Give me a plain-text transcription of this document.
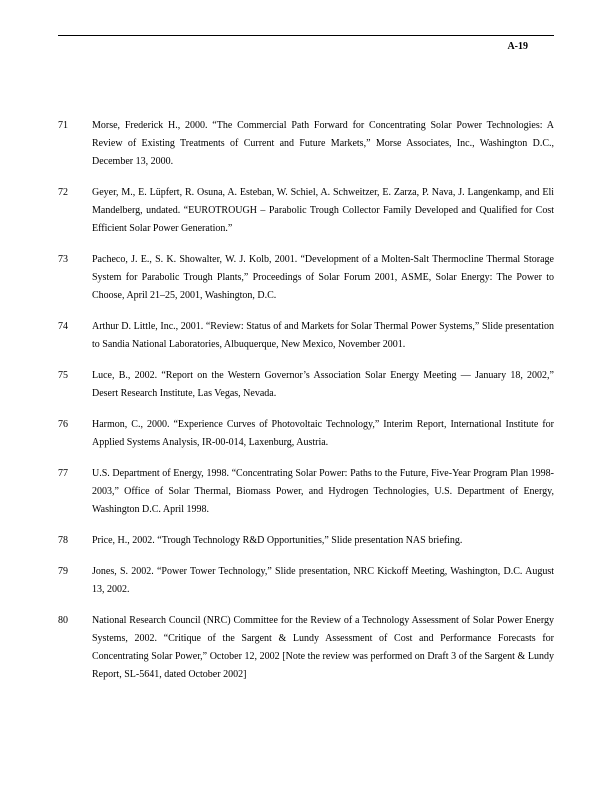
A-19
71	Morse, Frederick H., 2000. “The Commercial Path Forward for Concentrating Solar Power Technologies: A Review of Existing Treatments of Current and Future Markets,” Morse Associates, Inc., Washington D.C., December 13, 2000.
72	Geyer, M., E. Lüpfert, R. Osuna, A. Esteban, W. Schiel, A. Schweitzer, E. Zarza, P. Nava, J. Langenkamp, and Eli Mandelberg, undated. “EUROTROUGH – Parabolic Trough Collector Family Developed and Qualified for Cost Efficient Solar Power Generation.”
73	Pacheco, J. E., S. K. Showalter, W. J. Kolb, 2001. “Development of a Molten-Salt Thermocline Thermal Storage System for Parabolic Trough Plants,” Proceedings of Solar Forum 2001, ASME, Solar Energy: The Power to Choose, April 21–25, 2001, Washington, D.C.
74	Arthur D. Little, Inc., 2001. “Review: Status of and Markets for Solar Thermal Power Systems,” Slide presentation to Sandia National Laboratories, Albuquerque, New Mexico, November 2001.
75	Luce, B., 2002. “Report on the Western Governor’s Association Solar Energy Meeting — January 18, 2002,” Desert Research Institute, Las Vegas, Nevada.
76	Harmon, C., 2000. “Experience Curves of Photovoltaic Technology,” Interim Report, International Institute for Applied Systems Analysis, IR-00-014, Laxenburg, Austria.
77	U.S. Department of Energy, 1998. “Concentrating Solar Power: Paths to the Future, Five-Year Program Plan 1998-2003,” Office of Solar Thermal, Biomass Power, and Hydrogen Technologies, U.S. Department of Energy, Washington D.C. April 1998.
78	Price, H., 2002. “Trough Technology R&D Opportunities,” Slide presentation NAS briefing.
79	Jones, S. 2002. “Power Tower Technology,” Slide presentation, NRC Kickoff Meeting, Washington, D.C. August 13, 2002.
80	National Research Council (NRC) Committee for the Review of a Technology Assessment of Solar Power Energy Systems, 2002. “Critique of the Sargent & Lundy Assessment of Cost and Performance Forecasts for Concentrating Solar Power,” October 12, 2002 [Note the review was performed on Draft 3 of the Sargent & Lundy Report, SL-5641, dated October 2002]
